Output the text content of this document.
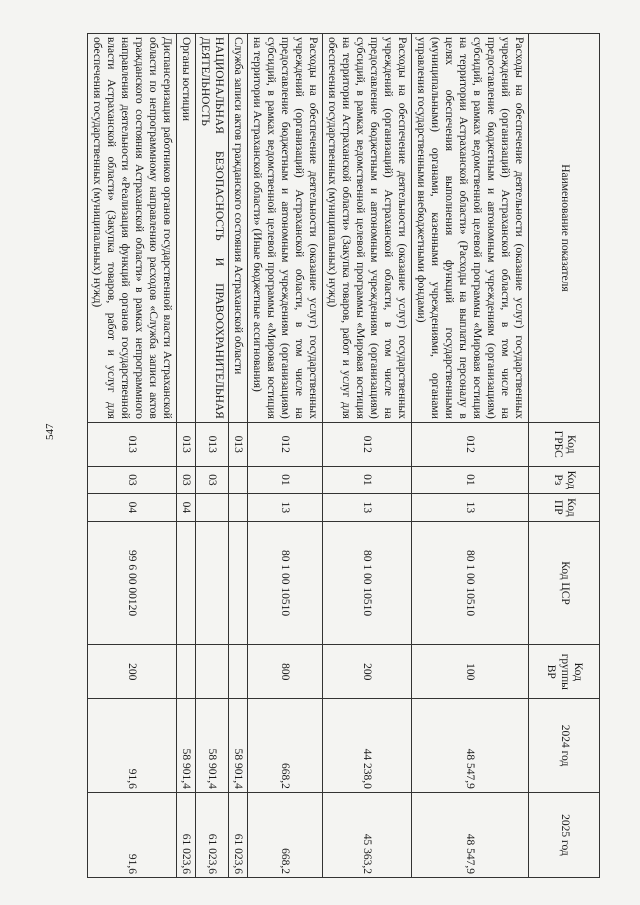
547
Наименование показателя	Код ГРБС	Код Рз	Код ПР	Код ЦСР	Код группы ВР	2024 год	2025 год
Расходы на обеспечение деятельности (оказание услуг) государственных учреждений (организаций) Астраханской области, в том числе на предоставление бюджетным и автономным учреждениям (организациям) субсидий, в рамках ведомственной целевой программы «Мировая юстиция на территории Астраханской области» (Расходы на выплаты персоналу в целях обеспечения выполнения функций государственными (муниципальными) органами, казенными учреждениями, органами управления государственными внебюджетными фондами)	012	01	13	80 1 00 10510	100	48 547,9	48 547,9
Расходы на обеспечение деятельности (оказание услуг) государственных учреждений (организаций) Астраханской области, в том числе на предоставление бюджетным и автономным учреждениям (организациям) субсидий, в рамках ведомственной целевой программы «Мировая юстиция на территории Астраханской области» (Закупка товаров, работ и услуг для обеспечения государственных (муниципальных) нужд)	012	01	13	80 1 00 10510	200	44 238,0	45 363,2
Расходы на обеспечение деятельности (оказание услуг) государственных учреждений (организаций) Астраханской области, в том числе на предоставление бюджетным и автономным учреждениям (организациям) субсидий, в рамках ведомственной целевой программы «Мировая юстиция на территории Астраханской области» (Иные бюджетные ассигнования)	012	01	13	80 1 00 10510	800	668,2	668,2
Служба записи актов гражданского состояния Астраханской области	013					58 901,4	61 023,6
НАЦИОНАЛЬНАЯ БЕЗОПАСНОСТЬ И ПРАВООХРАНИТЕЛЬНАЯ ДЕЯТЕЛЬНОСТЬ	013	03				58 901,4	61 023,6
Органы юстиции	013	03	04			58 901,4	61 023,6
Диспансеризация работников органов государственной власти Астраханской области по непрограммному направлению расходов «Служба записи актов гражданского состояния Астраханской области» в рамках непрограммного направления деятельности «Реализация функций органов государственной власти Астраханской области» (Закупка товаров, работ и услуг для обеспечения государственных (муниципальных) нужд)	013	03	04	99 6 00 00120	200	91,6	91,6
